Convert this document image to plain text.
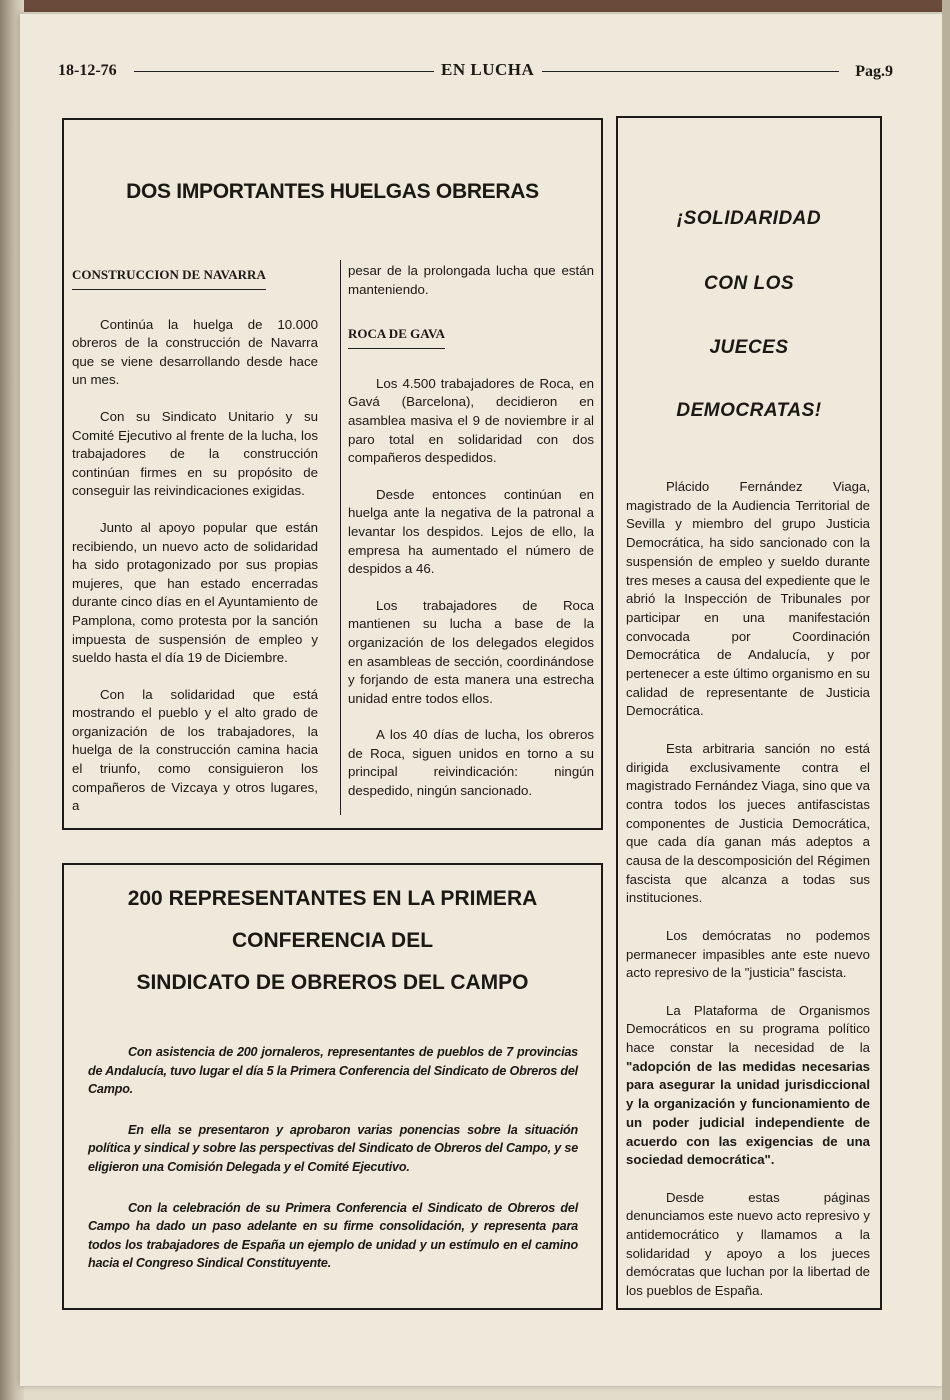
18-12-76	EN LUCHA	Pag.9
DOS IMPORTANTES HUELGAS OBRERAS
CONSTRUCCION DE NAVARRA

Continúa la huelga de 10.000 obreros de la construcción de Navarra que se viene desarrollando desde hace un mes.

Con su Sindicato Unitario y su Comité Ejecutivo al frente de la lucha, los trabajadores de la construcción continúan firmes en su propósito de conseguir las reivindicaciones exigidas.

Junto al apoyo popular que están recibiendo, un nuevo acto de solidaridad ha sido protagonizado por sus propias mujeres, que han estado encerradas durante cinco días en el Ayuntamiento de Pamplona, como protesta por la sanción impuesta de suspensión de empleo y sueldo hasta el día 19 de Diciembre.

Con la solidaridad que está mostrando el pueblo y el alto grado de organización de los trabajadores, la huelga de la construcción camina hacia el triunfo, como consiguieron los compañeros de Vizcaya y otros lugares, a

pesar de la prolongada lucha que están manteniendo.

ROCA DE GAVA

Los 4.500 trabajadores de Roca, en Gavá (Barcelona), decidieron en asamblea masiva el 9 de noviembre ir al paro total en solidaridad con dos compañeros despedidos.

Desde entonces continúan en huelga ante la negativa de la patronal a levantar los despidos. Lejos de ello, la empresa ha aumentado el número de despidos a 46.

Los trabajadores de Roca mantienen su lucha a base de la organización de los delegados elegidos en asambleas de sección, coordinándose y forjando de esta manera una estrecha unidad entre todos ellos.

A los 40 días de lucha, los obreros de Roca, siguen unidos en torno a su principal reivindicación: ningún despedido, ningún sancionado.

200 REPRESENTANTES EN LA PRIMERA
CONFERENCIA DEL
SINDICATO DE OBREROS DEL CAMPO

Con asistencia de 200 jornaleros, representantes de pueblos de 7 provincias de Andalucía, tuvo lugar el día 5 la Primera Conferencia del Sindicato de Obreros del Campo.

En ella se presentaron y aprobaron varias ponencias sobre la situación política y sindical y sobre las perspectivas del Sindicato de Obreros del Campo, y se eligieron una Comisión Delegada y el Comité Ejecutivo.

Con la celebración de su Primera Conferencia el Sindicato de Obreros del Campo ha dado un paso adelante en su firme consolidación, y representa para todos los trabajadores de España un ejemplo de unidad y un estímulo en el camino hacia el Congreso Sindical Constituyente.

¡SOLIDARIDAD
CON LOS
JUECES
DEMOCRATAS!

Plácido Fernández Viaga, magistrado de la Audiencia Territorial de Sevilla y miembro del grupo Justicia Democrática, ha sido sancionado con la suspensión de empleo y sueldo durante tres meses a causa del expediente que le abrió la Inspección de Tribunales por participar en una manifestación convocada por Coordinación Democrática de Andalucía, y por pertenecer a este último organismo en su calidad de representante de Justicia Democrática.

Esta arbitraria sanción no está dirigida exclusivamente contra el magistrado Fernández Viaga, sino que va contra todos los jueces antifascistas componentes de Justicia Democrática, que cada día ganan más adeptos a causa de la descomposición del Régimen fascista que alcanza a todas sus instituciones.

Los demócratas no podemos permanecer impasibles ante este nuevo acto represivo de la "justicia" fascista.

La Plataforma de Organismos Democráticos en su programa político hace constar la necesidad de la "adopción de las medidas necesarias para asegurar la unidad jurisdiccional y la organización y funcionamiento de un poder judicial independiente de acuerdo con las exigencias de una sociedad democrática".

Desde estas páginas denunciamos este nuevo acto represivo y antidemocrático y llamamos a la solidaridad y apoyo a los jueces demócratas que luchan por la libertad de los pueblos de España.
